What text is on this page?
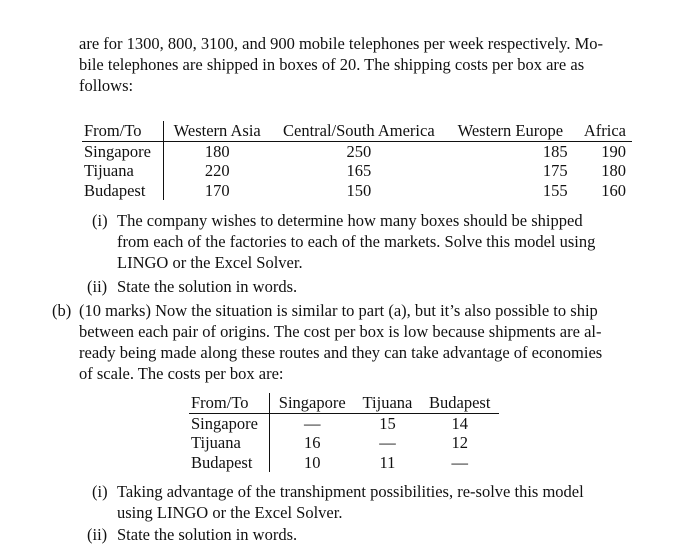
are for 1300, 800, 3100, and 900 mobile telephones per week respectively. Mo-
bile telephones are shipped in boxes of 20. The shipping costs per box are as
follows:
From/To	Western Asia	Central/South America	Western Europe	Africa
Singapore	180	250	185	190
Tijuana	220	165	175	180
Budapest	170	150	155	160
(i) The company wishes to determine how many boxes should be shipped
from each of the factories to each of the markets. Solve this model using
LINGO or the Excel Solver.
(ii) State the solution in words.
(b) (10 marks) Now the situation is similar to part (a), but it’s also possible to ship
between each pair of origins. The cost per box is low because shipments are al-
ready being made along these routes and they can take advantage of economies
of scale. The costs per box are:
From/To	Singapore	Tijuana	Budapest
Singapore	—	15	14
Tijuana	16	—	12
Budapest	10	11	—
(i) Taking advantage of the transhipment possibilities, re-solve this model
using LINGO or the Excel Solver.
(ii) State the solution in words.
